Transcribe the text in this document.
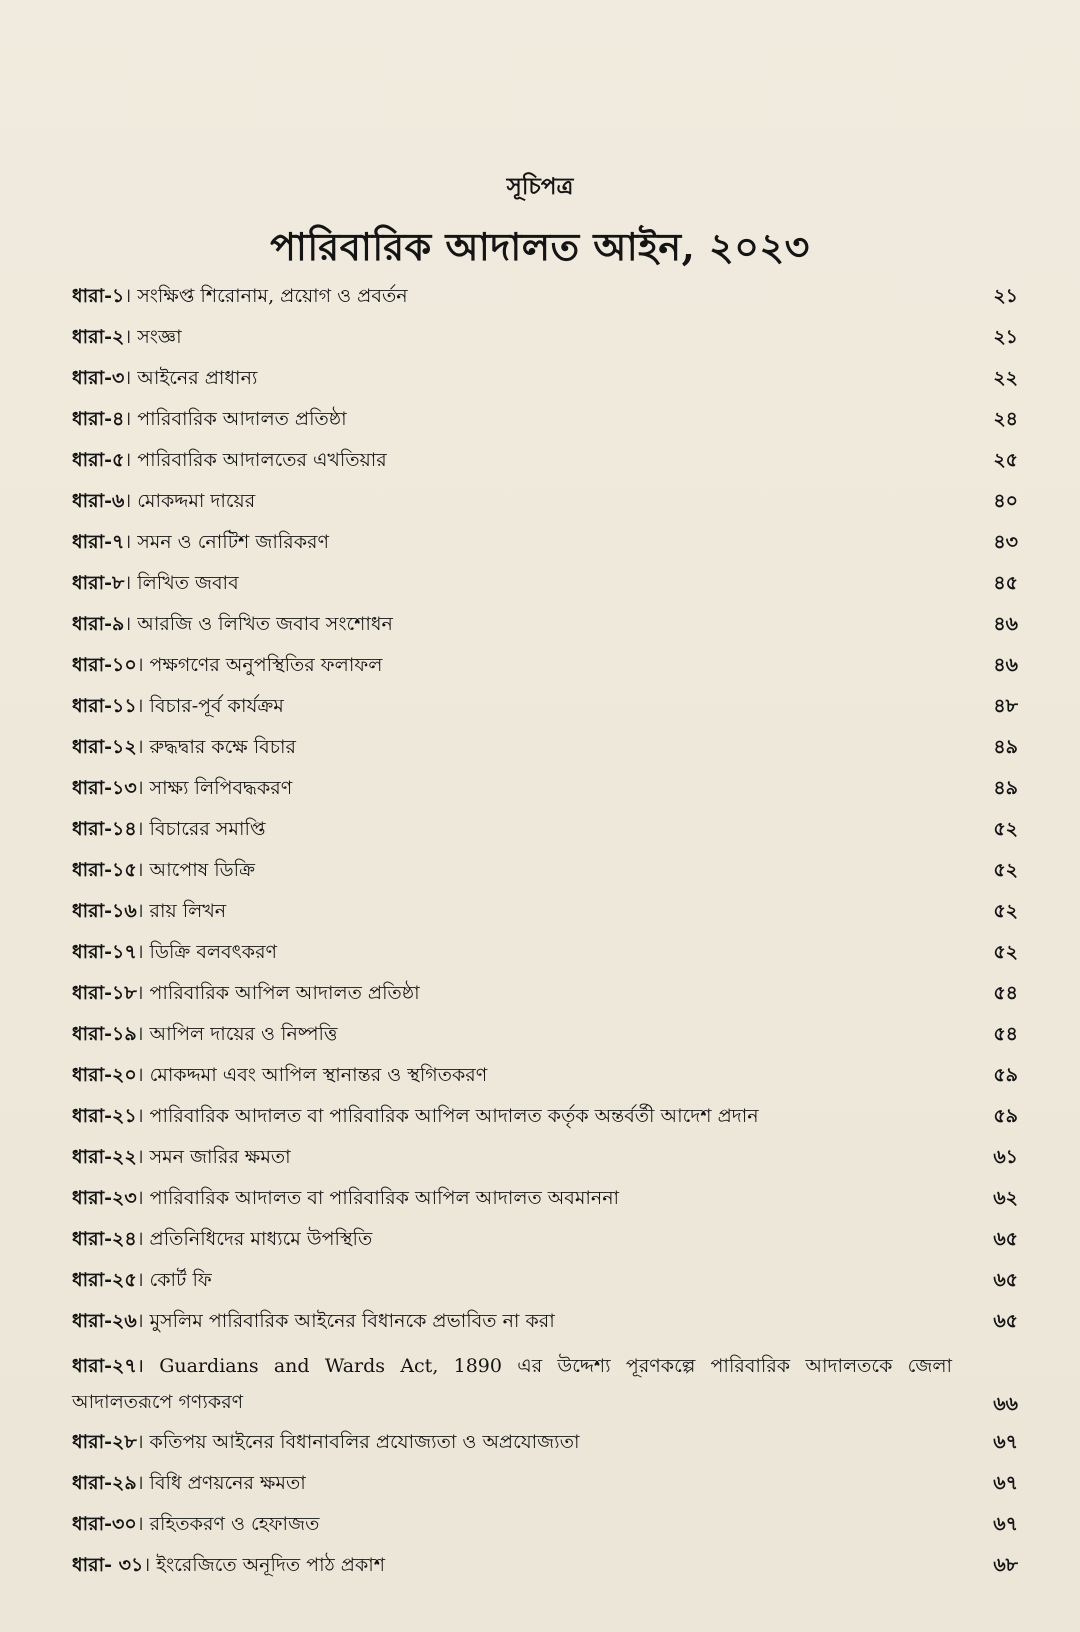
সূচিপত্র
পারিবারিক আদালত আইন, ২০২৩
ধারা-১। সংক্ষিপ্ত শিরোনাম, প্রয়োগ ও প্রবর্তন	২১
ধারা-২। সংজ্ঞা	২১
ধারা-৩। আইনের প্রাধান্য	২২
ধারা-৪। পারিবারিক আদালত প্রতিষ্ঠা	২৪
ধারা-৫। পারিবারিক আদালতের এখতিয়ার	২৫
ধারা-৬। মোকদ্দমা দায়ের	৪০
ধারা-৭। সমন ও নোটিশ জারিকরণ	৪৩
ধারা-৮। লিখিত জবাব	৪৫
ধারা-৯। আরজি ও লিখিত জবাব সংশোধন	৪৬
ধারা-১০। পক্ষগণের অনুপস্থিতির ফলাফল	৪৬
ধারা-১১। বিচার-পূর্ব কার্যক্রম	৪৮
ধারা-১২। রুদ্ধদ্বার কক্ষে বিচার	৪৯
ধারা-১৩। সাক্ষ্য লিপিবদ্ধকরণ	৪৯
ধারা-১৪। বিচারের সমাপ্তি	৫২
ধারা-১৫। আপোষ ডিক্রি	৫২
ধারা-১৬। রায় লিখন	৫২
ধারা-১৭। ডিক্রি বলবৎকরণ	৫২
ধারা-১৮। পারিবারিক আপিল আদালত প্রতিষ্ঠা	৫৪
ধারা-১৯। আপিল দায়ের ও নিষ্পত্তি	৫৪
ধারা-২০। মোকদ্দমা এবং আপিল স্থানান্তর ও স্থগিতকরণ	৫৯
ধারা-২১। পারিবারিক আদালত বা পারিবারিক আপিল আদালত কর্তৃক অন্তর্বর্তী আদেশ প্রদান	৫৯
ধারা-২২। সমন জারির ক্ষমতা	৬১
ধারা-২৩। পারিবারিক আদালত বা পারিবারিক আপিল আদালত অবমাননা	৬২
ধারা-২৪। প্রতিনিধিদের মাধ্যমে উপস্থিতি	৬৫
ধারা-২৫। কোর্ট ফি	৬৫
ধারা-২৬। মুসলিম পারিবারিক আইনের বিধানকে প্রভাবিত না করা	৬৫
ধারা-২৭। Guardians and Wards Act, 1890 এর উদ্দেশ্য পূরণকল্পে পারিবারিক আদালতকে জেলা আদালতরূপে গণ্যকরণ	৬৬
ধারা-২৮। কতিপয় আইনের বিধানাবলির প্রযোজ্যতা ও অপ্রযোজ্যতা	৬৭
ধারা-২৯। বিধি প্রণয়নের ক্ষমতা	৬৭
ধারা-৩০। রহিতকরণ ও হেফাজত	৬৭
ধারা- ৩১। ইংরেজিতে অনূদিত পাঠ প্রকাশ	৬৮
